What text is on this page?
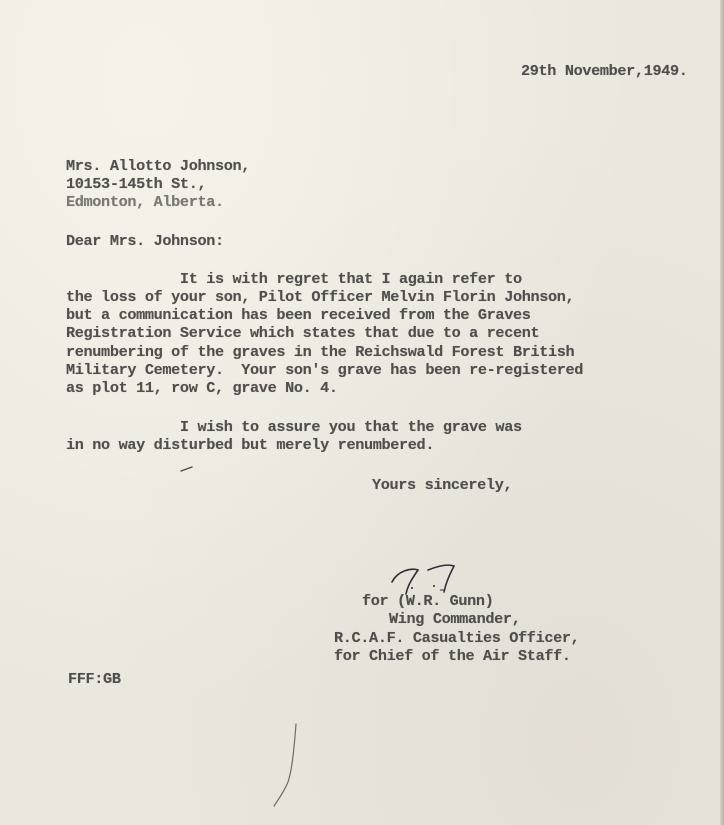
29th November,1949.
Mrs. Allotto Johnson,
10153-145th St.,
Edmonton, Alberta.
Dear Mrs. Johnson:
It is with regret that I again refer to
the loss of your son, Pilot Officer Melvin Florin Johnson,
but a communication has been received from the Graves
Registration Service which states that due to a recent
renumbering of the graves in the Reichswald Forest British
Military Cemetery.  Your son's grave has been re-registered
as plot 11, row C, grave No. 4.
I wish to assure you that the grave was
in no way disturbed but merely renumbered.
Yours sincerely,
for (W.R. Gunn)
Wing Commander,
R.C.A.F. Casualties Officer,
for Chief of the Air Staff.
FFF:GB
